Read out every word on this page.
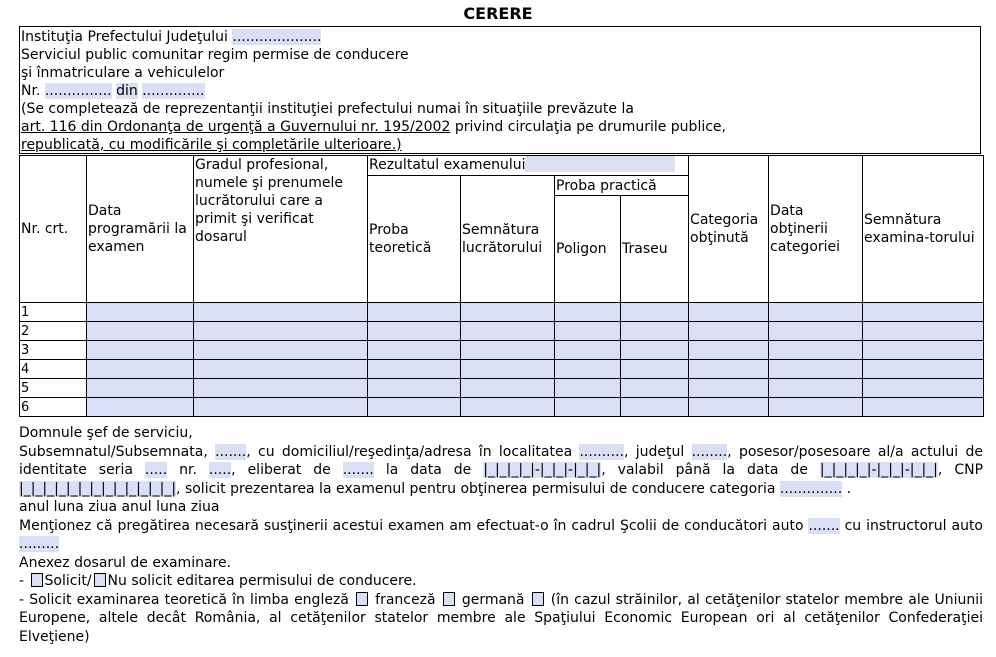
CERERE
Instituţia Prefectului Judeţului ....................
Serviciul public comunitar regim permise de conducere
şi înmatriculare a vehiculelor
Nr. ............... din ..............
(Se completează de reprezentanţii instituţiei prefectului numai în situaţiile prevăzute la
art. 116 din Ordonanţa de urgenţă a Guvernului nr. 195/2002 privind circulaţia pe drumurile publice,
republicată, cu modificările şi completările ulterioare.)
Nr. crt.	Data programării la examen	Gradul profesional, numele şi prenumele lucrătorului care a primit şi verificat dosarul	Rezultatul examenului				Categoria obţinută	Data obţinerii categoriei	Semnătura examina-torului
			Proba teoretică	Semnătura lucrătorului	Proba practică				
					Poligon	Traseu			
1									
2									
3									
4									
5									
6									

Domnule şef de serviciu,

Subsemnatul/Subsemnata, ......., cu domiciliul/reşedinţa/adresa în localitatea .........., judeţul ........, posesor/posesoare al/a actului de identitate seria ..... nr. ....., eliberat de ....... la data de |_|_|_|_|-|_|_|-|_|_|, valabil până la data de |_|_|_|_|-|_|_|-|_|_|, CNP |_|_|_|_|_|_|_|_|_|_|_|_|_|, solicit prezentarea la examenul pentru obţinerea permisului de conducere categoria .............. .

anul luna ziua anul luna ziua

Menţionez că pregătirea necesară susţinerii acestui examen am efectuat-o în cadrul Şcolii de conducători auto ....... cu instructorul auto .........

Anexez dosarul de examinare.

- Solicit/ Nu solicit editarea permisului de conducere.

- Solicit examinarea teoretică în limba engleză franceză germană (în cazul străinilor, al cetăţenilor statelor membre ale Uniunii Europene, altele decât România, al cetăţenilor statelor membre ale Spaţiului Economic European ori al cetăţenilor Confederaţiei Elveţiene)
